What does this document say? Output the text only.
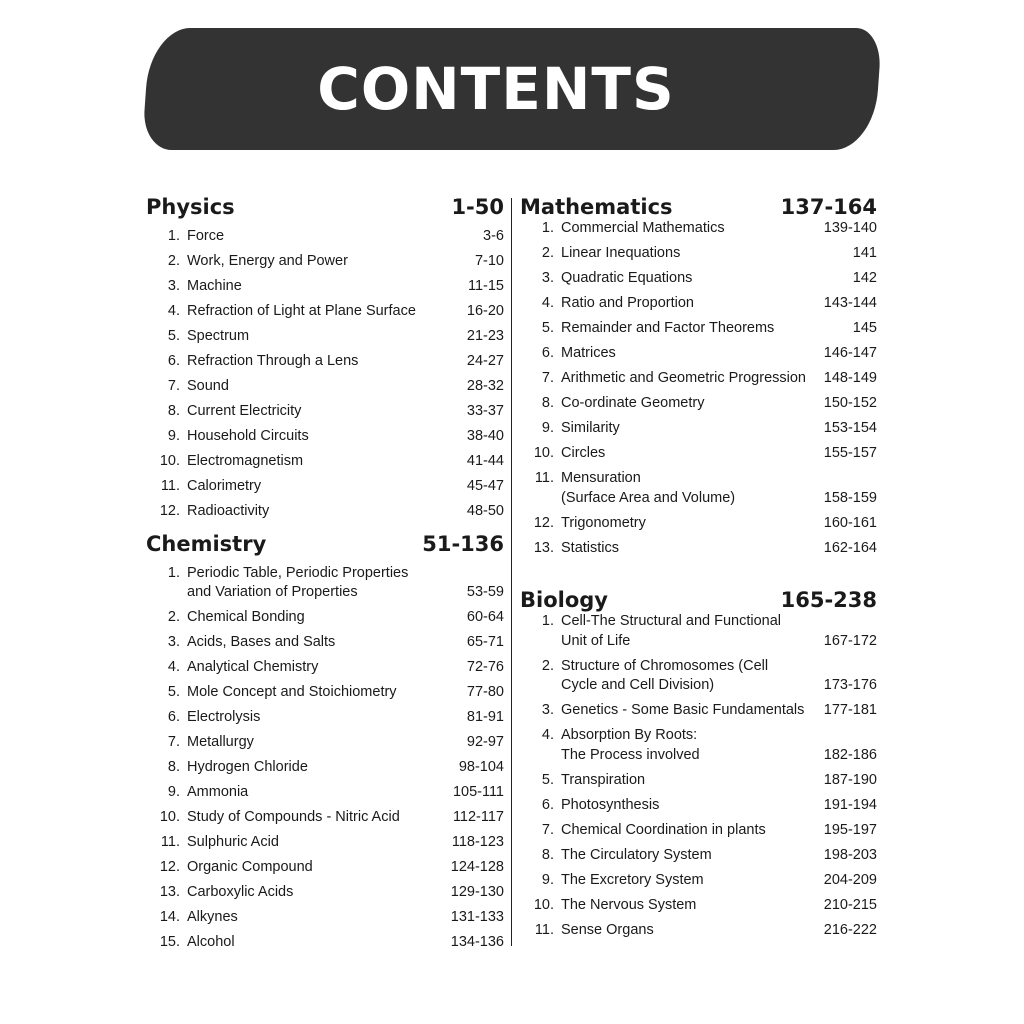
CONTENTS
Physics	1-50
1. Force	3-6
2. Work, Energy and Power	7-10
3. Machine	11-15
4. Refraction of Light at Plane Surface	16-20
5. Spectrum	21-23
6. Refraction Through a Lens	24-27
7. Sound	28-32
8. Current Electricity	33-37
9. Household Circuits	38-40
10. Electromagnetism	41-44
11. Calorimetry	45-47
12. Radioactivity	48-50
Chemistry	51-136
1. Periodic Table, Periodic Properties
and Variation of Properties	53-59
2. Chemical Bonding	60-64
3. Acids, Bases and Salts	65-71
4. Analytical Chemistry	72-76
5. Mole Concept and Stoichiometry	77-80
6. Electrolysis	81-91
7. Metallurgy	92-97
8. Hydrogen Chloride	98-104
9. Ammonia	105-111
10. Study of Compounds - Nitric Acid	112-117
11. Sulphuric Acid	118-123
12. Organic Compound	124-128
13. Carboxylic Acids	129-130
14. Alkynes	131-133
15. Alcohol	134-136
Mathematics	137-164
1. Commercial Mathematics	139-140
2. Linear Inequations	141
3. Quadratic Equations	142
4. Ratio and Proportion	143-144
5. Remainder and Factor Theorems	145
6. Matrices	146-147
7. Arithmetic and Geometric Progression	148-149
8. Co-ordinate Geometry	150-152
9. Similarity	153-154
10. Circles	155-157
11. Mensuration
(Surface Area and Volume)	158-159
12. Trigonometry	160-161
13. Statistics	162-164
Biology	165-238
1. Cell-The Structural and Functional
Unit of Life	167-172
2. Structure of Chromosomes (Cell
Cycle and Cell Division)	173-176
3. Genetics - Some Basic Fundamentals	177-181
4. Absorption By Roots:
The Process involved	182-186
5. Transpiration	187-190
6. Photosynthesis	191-194
7. Chemical Coordination in plants	195-197
8. The Circulatory System	198-203
9. The Excretory System	204-209
10. The Nervous System	210-215
11. Sense Organs	216-222
